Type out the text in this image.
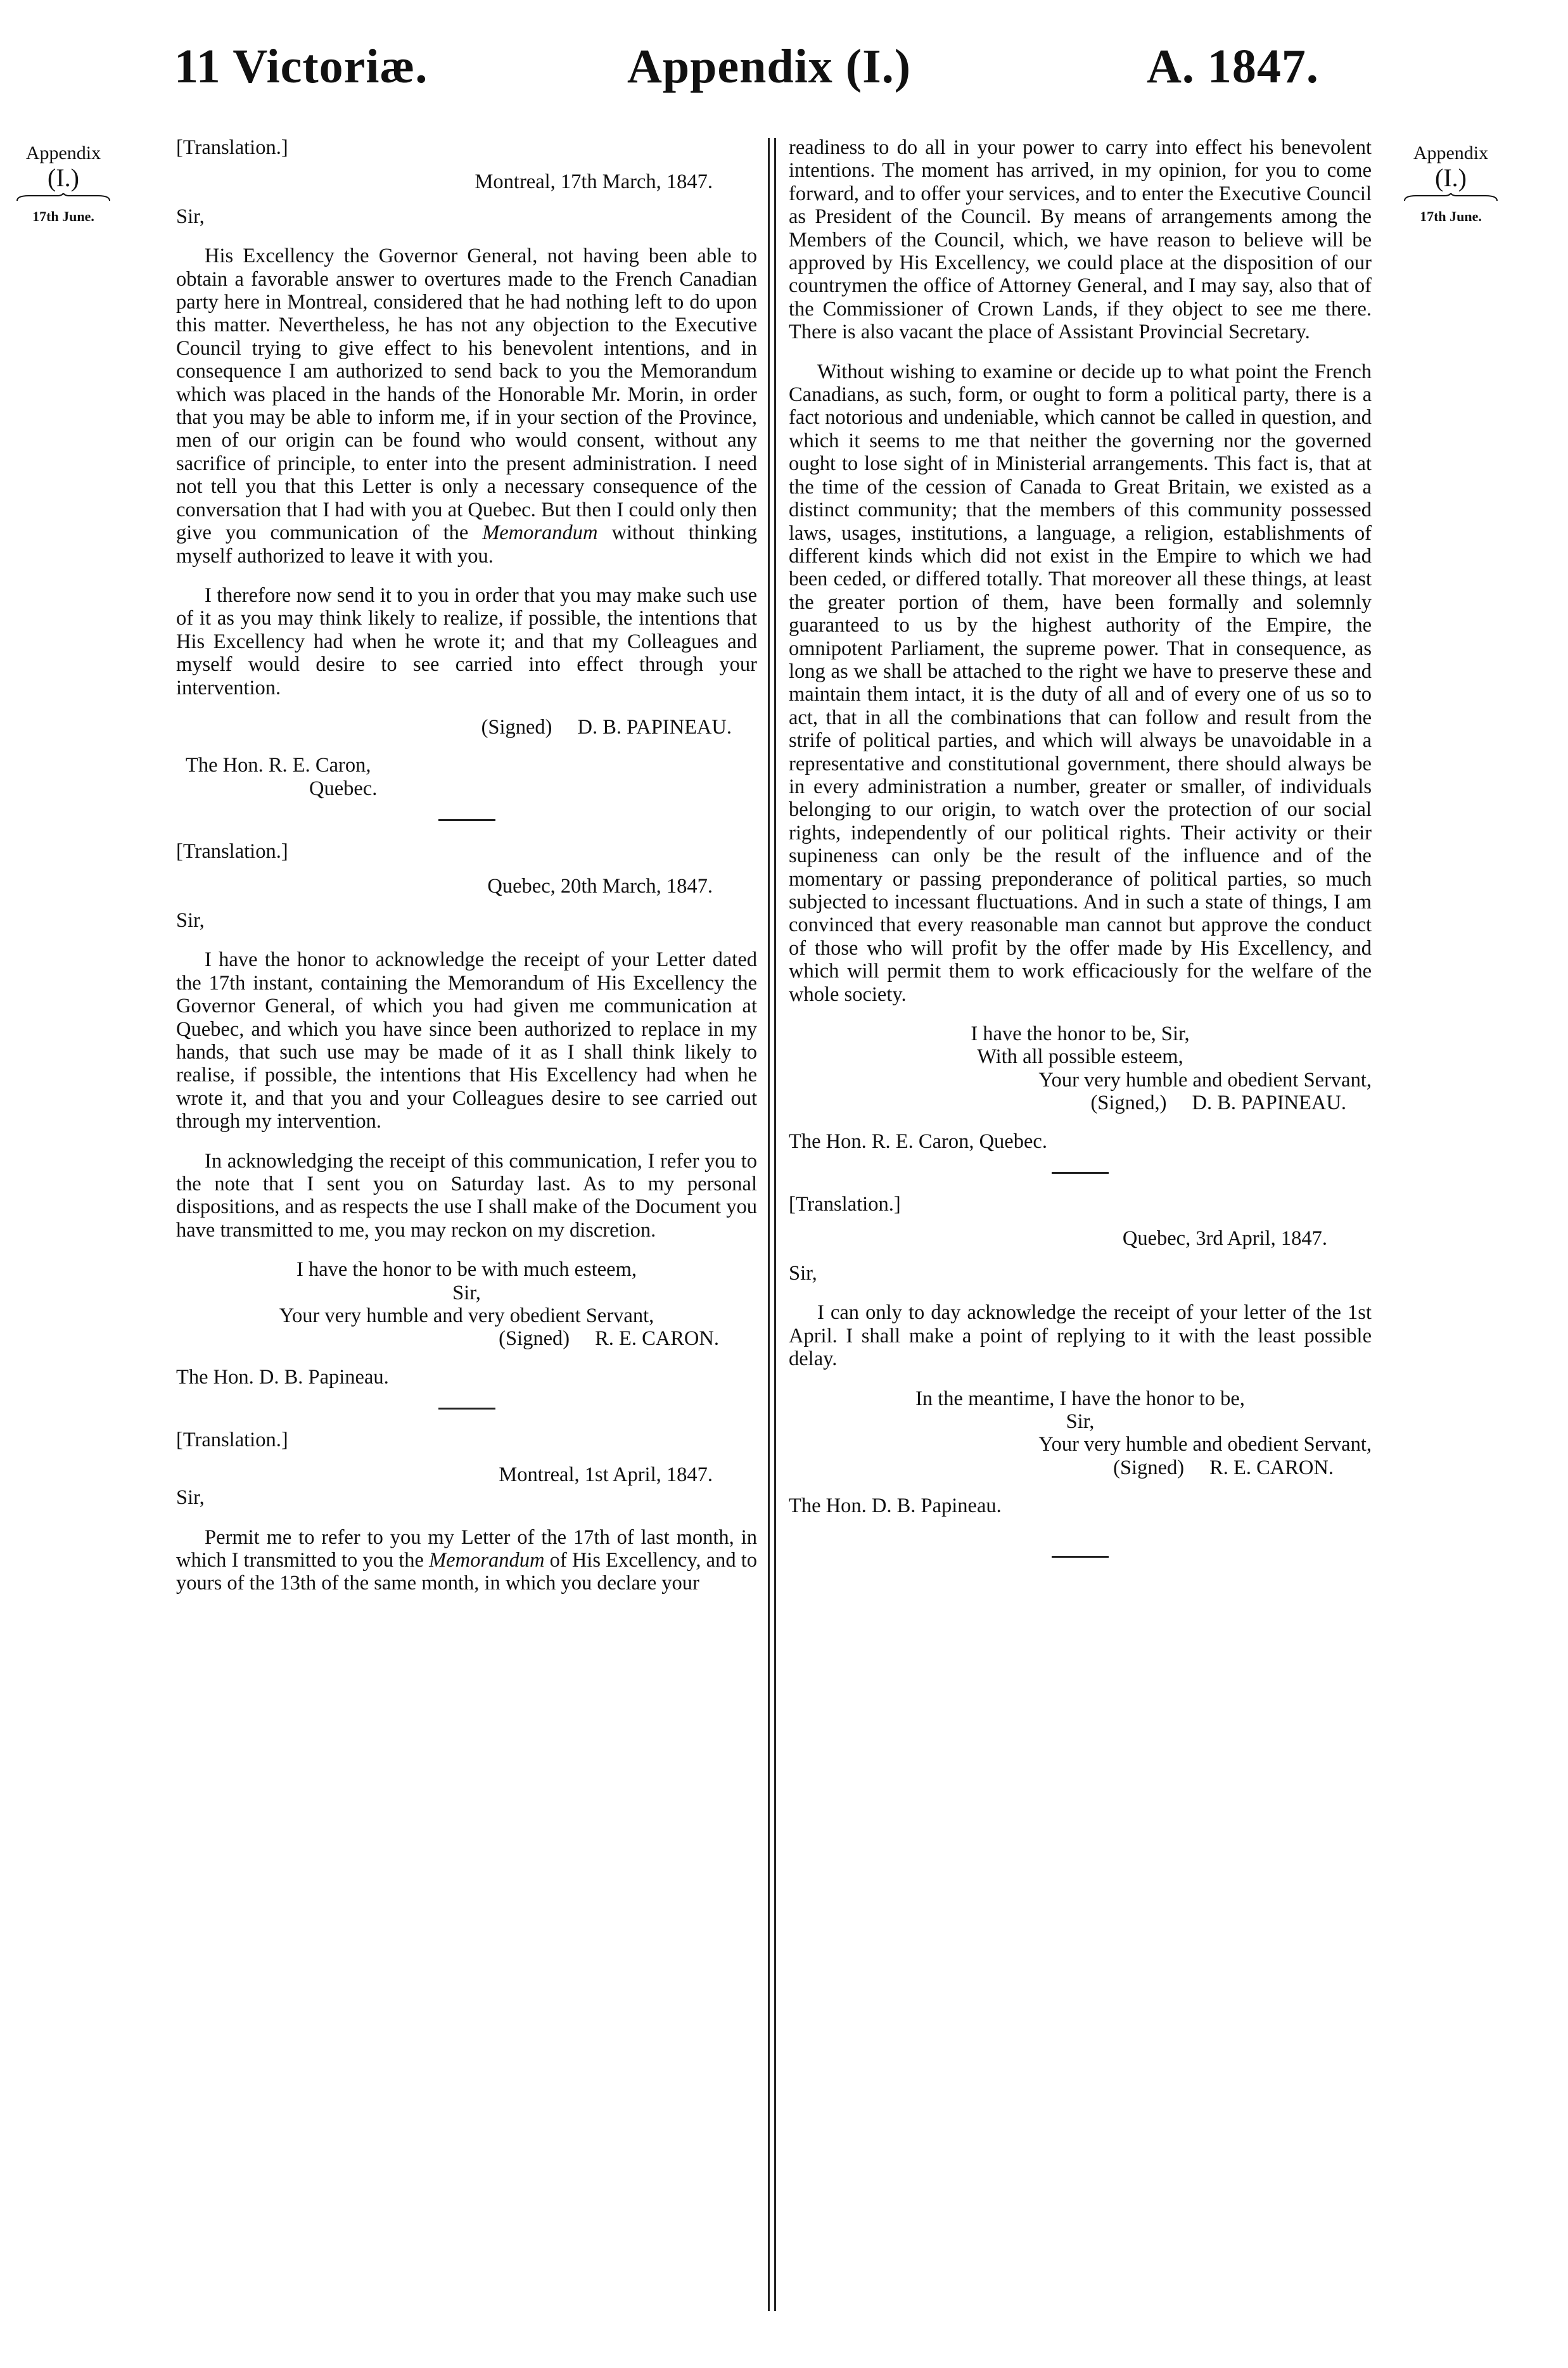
11 Victoriæ.	Appendix (I.)	A. 1847.
Appendix
(I.)
17th June.
Appendix
(I.)
17th June.
[Translation.]
Montreal, 17th March, 1847.
Sir,

His Excellency the Governor General, not having been able to obtain a favorable answer to overtures made to the French Canadian party here in Montreal, considered that he had nothing left to do upon this matter. Nevertheless, he has not any objection to the Executive Council trying to give effect to his benevolent intentions, and in consequence I am authorized to send back to you the Memorandum which was placed in the hands of the Honorable Mr. Morin, in order that you may be able to inform me, if in your section of the Province, men of our origin can be found who would consent, without any sacrifice of principle, to enter into the present administration. I need not tell you that this Letter is only a necessary consequence of the conversation that I had with you at Quebec. But then I could only then give you communication of the Memorandum without thinking myself authorized to leave it with you.

I therefore now send it to you in order that you may make such use of it as you may think likely to realize, if possible, the intentions that His Excellency had when he wrote it; and that my Colleagues and myself would desire to see carried into effect through your intervention.

(Signed) D. B. PAPINEAU.
The Hon. R. E. Caron,
Quebec.
[Translation.]
Quebec, 20th March, 1847.
Sir,

I have the honor to acknowledge the receipt of your Letter dated the 17th instant, containing the Memorandum of His Excellency the Governor General, of which you had given me communication at Quebec, and which you have since been authorized to replace in my hands, that such use may be made of it as I shall think likely to realise, if possible, the intentions that His Excellency had when he wrote it, and that you and your Colleagues desire to see carried out through my intervention.

In acknowledging the receipt of this communication, I refer you to the note that I sent you on Saturday last. As to my personal dispositions, and as respects the use I shall make of the Document you have transmitted to me, you may reckon on my discretion.

I have the honor to be with much esteem,
Sir,
Your very humble and very obedient Servant,
(Signed) R. E. CARON.
The Hon. D. B. Papineau.
[Translation.]
Montreal, 1st April, 1847.
Sir,

Permit me to refer to you my Letter of the 17th of last month, in which I transmitted to you the Memorandum of His Excellency, and to yours of the 13th of the same month, in which you declare your

readiness to do all in your power to carry into effect his benevolent intentions. The moment has arrived, in my opinion, for you to come forward, and to offer your services, and to enter the Executive Council as President of the Council. By means of arrangements among the Members of the Council, which, we have reason to believe will be approved by His Excellency, we could place at the disposition of our countrymen the office of Attorney General, and I may say, also that of the Commissioner of Crown Lands, if they object to see me there. There is also vacant the place of Assistant Provincial Secretary.

Without wishing to examine or decide up to what point the French Canadians, as such, form, or ought to form a political party, there is a fact notorious and undeniable, which cannot be called in question, and which it seems to me that neither the governing nor the governed ought to lose sight of in Ministerial arrangements. This fact is, that at the time of the cession of Canada to Great Britain, we existed as a distinct community; that the members of this community possessed laws, usages, institutions, a language, a religion, establishments of different kinds which did not exist in the Empire to which we had been ceded, or differed totally. That moreover all these things, at least the greater portion of them, have been formally and solemnly guaranteed to us by the highest authority of the Empire, the omnipotent Parliament, the supreme power. That in consequence, as long as we shall be attached to the right we have to preserve these and maintain them intact, it is the duty of all and of every one of us so to act, that in all the combinations that can follow and result from the strife of political parties, and which will always be unavoidable in a representative and constitutional government, there should always be in every administration a number, greater or smaller, of individuals belonging to our origin, to watch over the protection of our social rights, independently of our political rights. Their activity or their supineness can only be the result of the influence and of the momentary or passing preponderance of political parties, so much subjected to incessant fluctuations. And in such a state of things, I am convinced that every reasonable man cannot but approve the conduct of those who will profit by the offer made by His Excellency, and which will permit them to work efficaciously for the welfare of the whole society.

I have the honor to be, Sir,
With all possible esteem,
Your very humble and obedient Servant,
(Signed,) D. B. PAPINEAU.
The Hon. R. E. Caron, Quebec.
[Translation.]
Quebec, 3rd April, 1847.
Sir,

I can only to day acknowledge the receipt of your letter of the 1st April. I shall make a point of replying to it with the least possible delay.

In the meantime, I have the honor to be,
Sir,
Your very humble and obedient Servant,
(Signed) R. E. CARON.
The Hon. D. B. Papineau.
